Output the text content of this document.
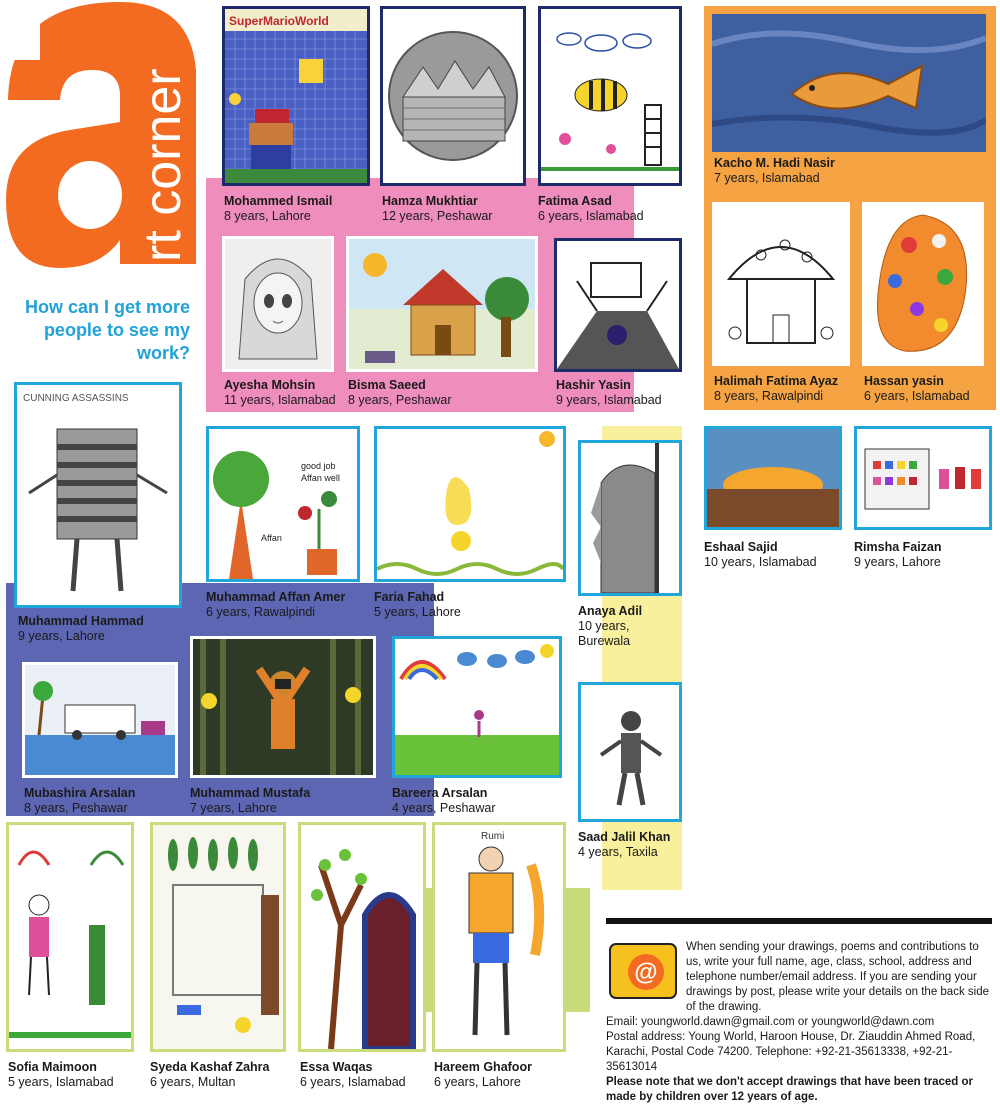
rt corner
How can I get more people to see my work?
SuperMarioWorld
Mohammed Ismail
8 years, Lahore
Hamza Mukhtiar
12 years, Peshawar
Fatima Asad
6 years, Islamabad
Kacho M. Hadi Nasir
7 years, Islamabad
Ayesha Mohsin
11 years, Islamabad
Bisma Saeed
8 years, Peshawar
Hashir Yasin
9 years, Islamabad
Halimah Fatima Ayaz
8 years, Rawalpindi
Hassan yasin
6 years, Islamabad
CUNNING ASSASSINS
Muhammad Hammad
9 years, Lahore
good job
Affan well
Affan
Muhammad Affan Amer
6 years, Rawalpindi
Faria Fahad
5 years, Lahore	Anaya Adil
10 years,
Burewala
Eshaal Sajid
10 years, Islamabad
Rimsha Faizan
9 years, Lahore
Mubashira Arsalan
8 years, Peshawar
Muhammad Mustafa
7 years, Lahore
Bareera Arsalan
4 years, Peshawar
Saad Jalil Khan
4 years, Taxila
Sofia Maimoon
5 years, Islamabad
Syeda Kashaf Zahra
6 years, Multan
Essa Waqas
6 years, Islamabad
Rumi
Hareem Ghafoor
6 years, Lahore
@
When sending your drawings, poems and contributions to us, write your full name, age, class, school, address and telephone number/email address. If you are sending your drawings by post, please write your details on the back side of the drawing.
Email: youngworld.dawn@gmail.com or youngworld@dawn.com
Postal address: Young World, Haroon House, Dr. Ziauddin Ahmed Road, Karachi, Postal Code 74200. Telephone: +92-21-35613338, +92-21-35613014
Please note that we don't accept drawings that have been traced or made by children over 12 years of age.
